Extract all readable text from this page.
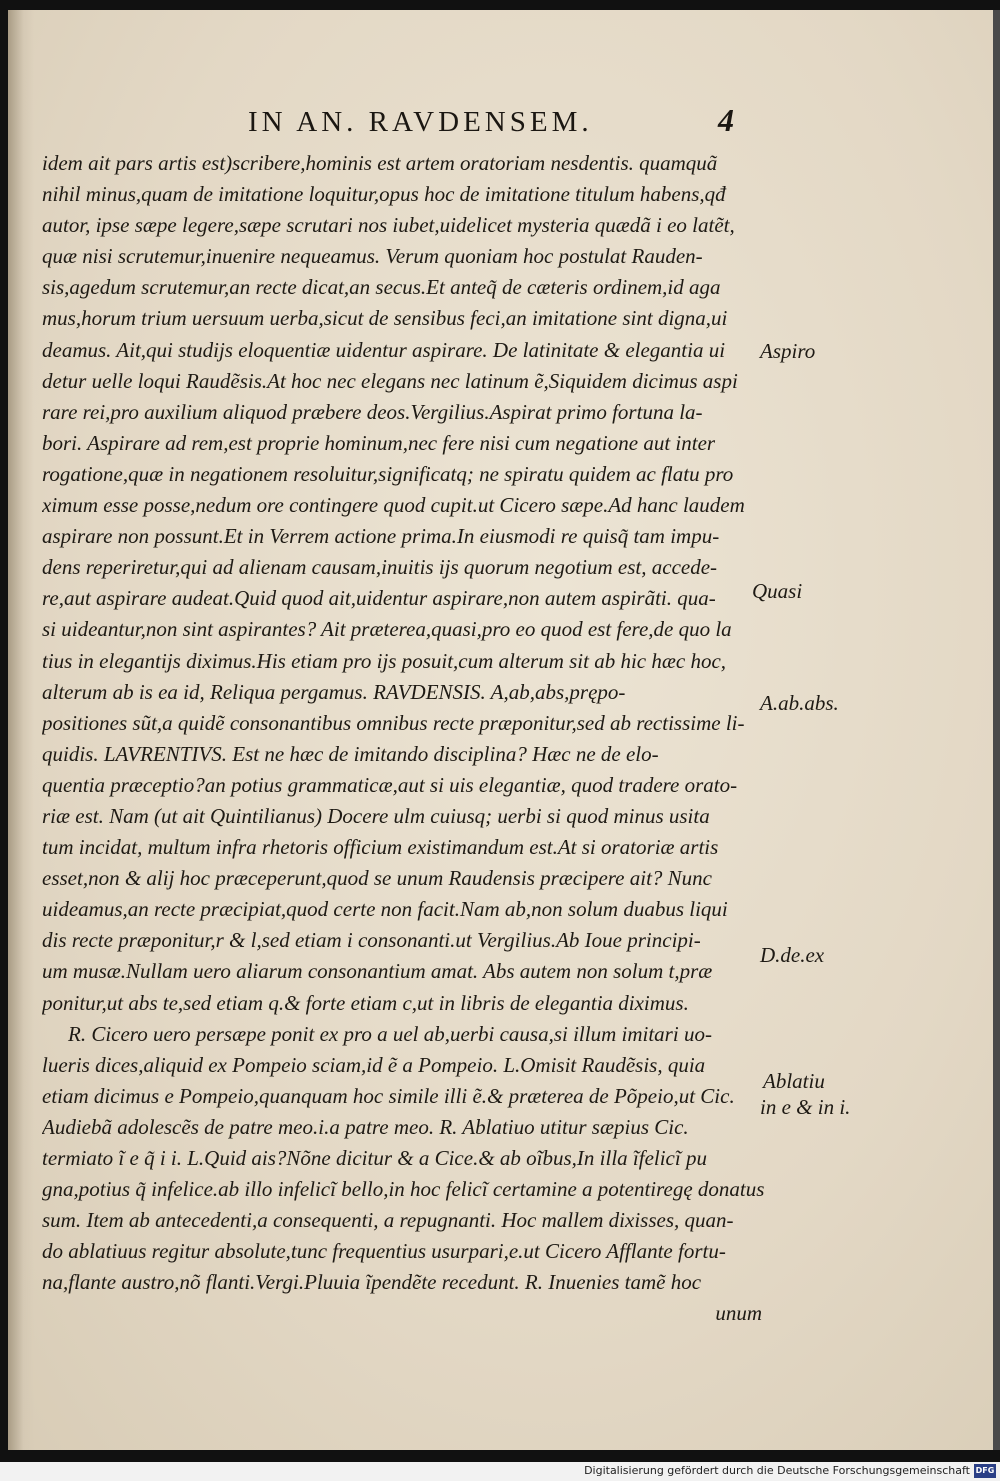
IN AN. RAVDENSEM.	4
idem ait pars artis est)scribere,hominis est artem oratoriam nesdentis. quamquã
nihil minus,quam de imitatione loquitur,opus hoc de imitatione titulum habens,qđ
autor, ipse sæpe legere,sæpe scrutari nos iubet,uidelicet mysteria quædã i eo latẽt,
quæ nisi scrutemur,inuenire nequeamus. Verum quoniam hoc postulat Rauden-
sis,agedum scrutemur,an recte dicat,an secus.Et anteq̃ de cæteris ordinem,id aga
mus,horum trium uersuum uerba,sicut de sensibus feci,an imitatione sint digna,ui
deamus. Ait,qui studijs eloquentiæ uidentur aspirare. De latinitate & elegantia ui
detur uelle loqui Raudẽsis.At hoc nec elegans nec latinum ẽ,Siquidem dicimus aspi
rare rei,pro auxilium aliquod præbere deos.Vergilius.Aspirat primo fortuna la-
bori. Aspirare ad rem,est proprie hominum,nec fere nisi cum negatione aut inter
rogatione,quæ in negationem resoluitur,significatq; ne spiratu quidem ac flatu pro
ximum esse posse,nedum ore contingere quod cupit.ut Cicero sæpe.Ad hanc laudem
aspirare non possunt.Et in Verrem actione prima.In eiusmodi re quisq̃ tam impu-
dens reperiretur,qui ad alienam causam,inuitis ijs quorum negotium est, accede-
re,aut aspirare audeat.Quid quod ait,uidentur aspirare,non autem aspirãti. qua-
si uideantur,non sint aspirantes? Ait præterea,quasi,pro eo quod est fere,de quo la
tius in elegantijs diximus.His etiam pro ijs posuit,cum alterum sit ab hic hæc hoc,
alterum ab is ea id, Reliqua pergamus. RAVDENSIS. A,ab,abs,prępo-
positiones sũt,a quidẽ consonantibus omnibus recte præponitur,sed ab rectissime li-
quidis. LAVRENTIVS. Est ne hæc de imitando disciplina? Hæc ne de elo-
quentia præceptio?an potius grammaticæ,aut si uis elegantiæ, quod tradere orato-
riæ est. Nam (ut ait Quintilianus) Docere ulm cuiusq; uerbi si quod minus usita
tum incidat, multum infra rhetoris officium existimandum est.At si oratoriæ artis
esset,non & alij hoc præceperunt,quod se unum Raudensis præcipere ait? Nunc
uideamus,an recte præcipiat,quod certe non facit.Nam ab,non solum duabus liqui
dis recte præponitur,r & l,sed etiam i consonanti.ut Vergilius.Ab Ioue principi-
um musæ.Nullam uero aliarum consonantium amat. Abs autem non solum t,præ
ponitur,ut abs te,sed etiam q.& forte etiam c,ut in libris de elegantia diximus.
R. Cicero uero persæpe ponit ex pro a uel ab,uerbi causa,si illum imitari uo-
lueris dices,aliquid ex Pompeio sciam,id ẽ a Pompeio. L.Omisit Raudẽsis, quia
etiam dicimus e Pompeio,quanquam hoc simile illi ẽ.& præterea de Põpeio,ut Cic.
Audiebã adolescẽs de patre meo.i.a patre meo. R. Ablatiuo utitur sæpius Cic.
termiato ĩ e q̃ i i. L.Quid ais?Nõne dicitur & a Cice.& ab oĩbus,In illa ĩfelicĩ pu
gna,potius q̃ infelice.ab illo infelicĩ bello,in hoc felicĩ certamine a potentiregę donatus
sum. Item ab antecedenti,a consequenti, a repugnanti. Hoc mallem dixisses, quan-
do ablatiuus regitur absolute,tunc frequentius usurpari,e.ut Cicero Afflante fortu-
na,flante austro,nõ flanti.Vergi.Pluuia ĩpendẽte recedunt. R. Inuenies tamẽ hoc
unum
Aspiro
Quasi
A.ab.abs.
D.de.ex
Ablatiu
in e & in i.
Digitalisierung gefördert durch die Deutsche Forschungsgemeinschaft DFG
